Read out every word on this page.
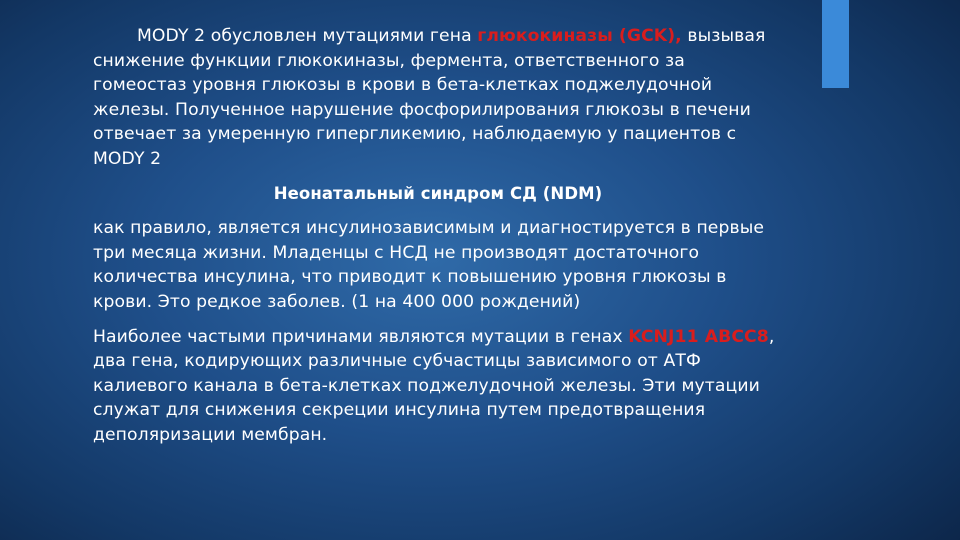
MODY 2 обусловлен мутациями гена глюкокиназы (GCK), вызывая снижение функции глюкокиназы, фермента, ответственного за гомеостаз уровня глюкозы в крови в бета-клетках поджелудочной железы. Полученное нарушение фосфорилирования глюкозы в печени отвечает за умеренную гипергликемию, наблюдаемую у пациентов с MODY 2

Неонатальный синдром СД (NDM)

как правило, является инсулинозависимым и диагностируется в первые три месяца жизни. Младенцы с НСД не производят достаточного количества инсулина, что приводит к повышению уровня глюкозы в крови. Это редкое заболев. (1 на 400 000 рождений)

Наиболее частыми причинами являются мутации в генах KCNJ11 ABCC8, два гена, кодирующих различные субчастицы зависимого от АТФ калиевого канала в бета-клетках поджелудочной железы. Эти мутации служат для снижения секреции инсулина путем предотвращения деполяризации мембран.
